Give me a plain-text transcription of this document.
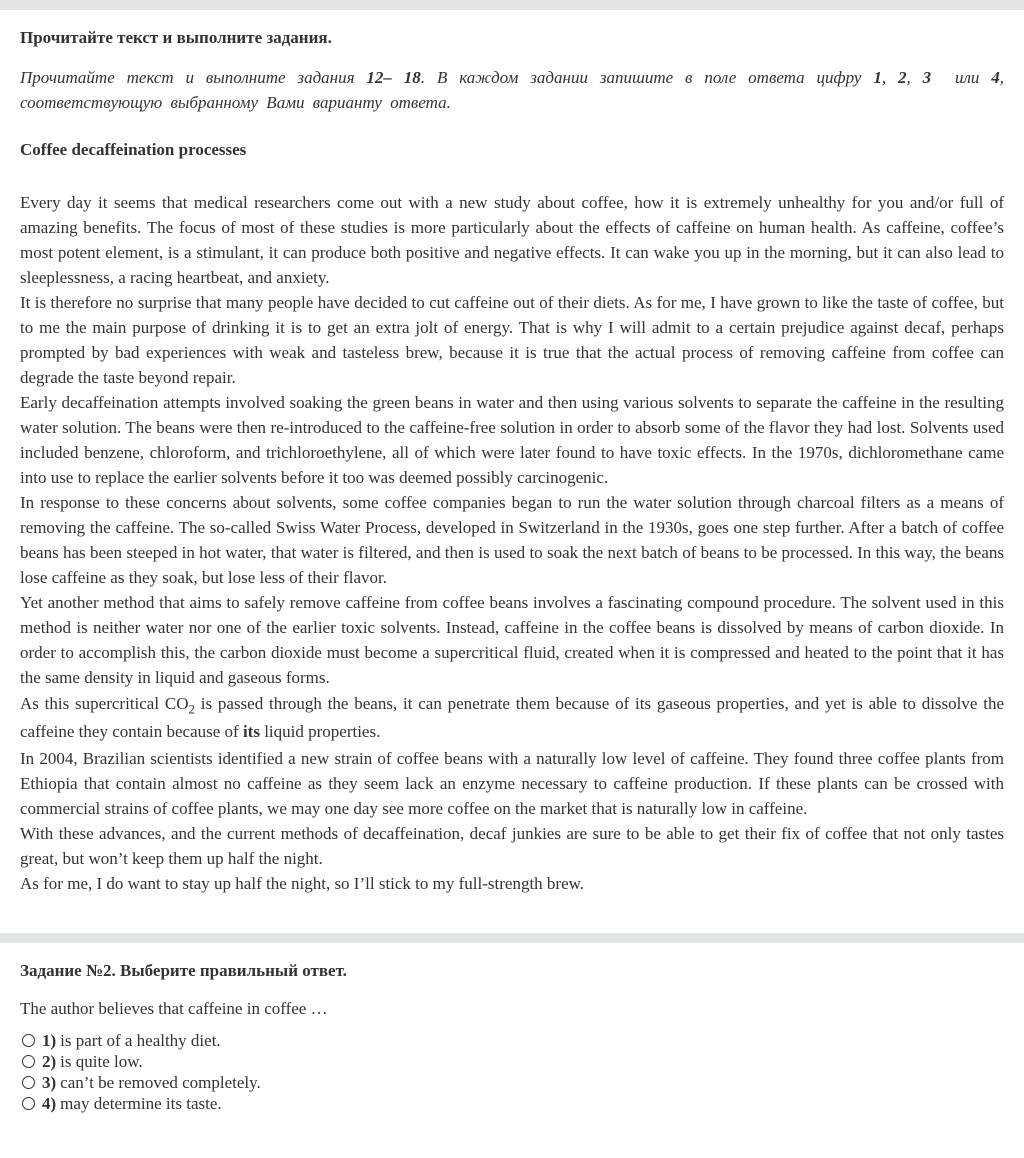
Прочитайте текст и выполните задания.

Прочитайте текст и выполните задания 12– 18. В каждом задании запишите в поле ответа цифру 1, 2, 3  или 4, соответствующую выбранному Вами варианту ответа.

Coffee decaffeination processes

Every day it seems that medical researchers come out with a new study about coffee, how it is extremely unhealthy for you and/or full of amazing benefits. The focus of most of these studies is more particularly about the effects of caffeine on human health. As caffeine, coffee’s most potent element, is a stimulant, it can produce both positive and negative effects. It can wake you up in the morning, but it can also lead to sleeplessness, a racing heartbeat, and anxiety.

It is therefore no surprise that many people have decided to cut caffeine out of their diets. As for me, I have grown to like the taste of coffee, but to me the main purpose of drinking it is to get an extra jolt of energy. That is why I will admit to a certain prejudice against decaf, perhaps prompted by bad experiences with weak and tasteless brew, because it is true that the actual process of removing caffeine from coffee can degrade the taste beyond repair.

Early decaffeination attempts involved soaking the green beans in water and then using various solvents to separate the caffeine in the resulting water solution. The beans were then re-introduced to the caffeine-free solution in order to absorb some of the flavor they had lost. Solvents used included benzene, chloroform, and trichloroethylene, all of which were later found to have toxic effects. In the 1970s, dichloromethane came into use to replace the earlier solvents before it too was deemed possibly carcinogenic.

In response to these concerns about solvents, some coffee companies began to run the water solution through charcoal filters as a means of removing the caffeine. The so-called Swiss Water Process, developed in Switzerland in the 1930s, goes one step further. After a batch of coffee beans has been steeped in hot water, that water is filtered, and then is used to soak the next batch of beans to be processed. In this way, the beans lose caffeine as they soak, but lose less of their flavor.

Yet another method that aims to safely remove caffeine from coffee beans involves a fascinating compound procedure. The solvent used in this method is neither water nor one of the earlier toxic solvents. Instead, caffeine in the coffee beans is dissolved by means of carbon dioxide. In order to accomplish this, the carbon dioxide must become a supercritical fluid, created when it is compressed and heated to the point that it has the same density in liquid and gaseous forms.

As this supercritical $CO_2$ is passed through the beans, it can penetrate them because of its gaseous properties, and yet is able to dissolve the caffeine they contain because of its liquid properties.

In 2004, Brazilian scientists identified a new strain of coffee beans with a naturally low level of caffeine. They found three coffee plants from Ethiopia that contain almost no caffeine as they seem lack an enzyme necessary to caffeine production. If these plants can be crossed with commercial strains of coffee plants, we may one day see more coffee on the market that is naturally low in caffeine.

With these advances, and the current methods of decaffeination, decaf junkies are sure to be able to get their fix of coffee that not only tastes great, but won’t keep them up half the night.

As for me, I do want to stay up half the night, so I’ll stick to my full-strength brew.

Задание №2. Выберите правильный ответ.

The author believes that caffeine in coffee …

1) is part of a healthy diet.
2) is quite low.
3) can’t be removed completely.
4) may determine its taste.
